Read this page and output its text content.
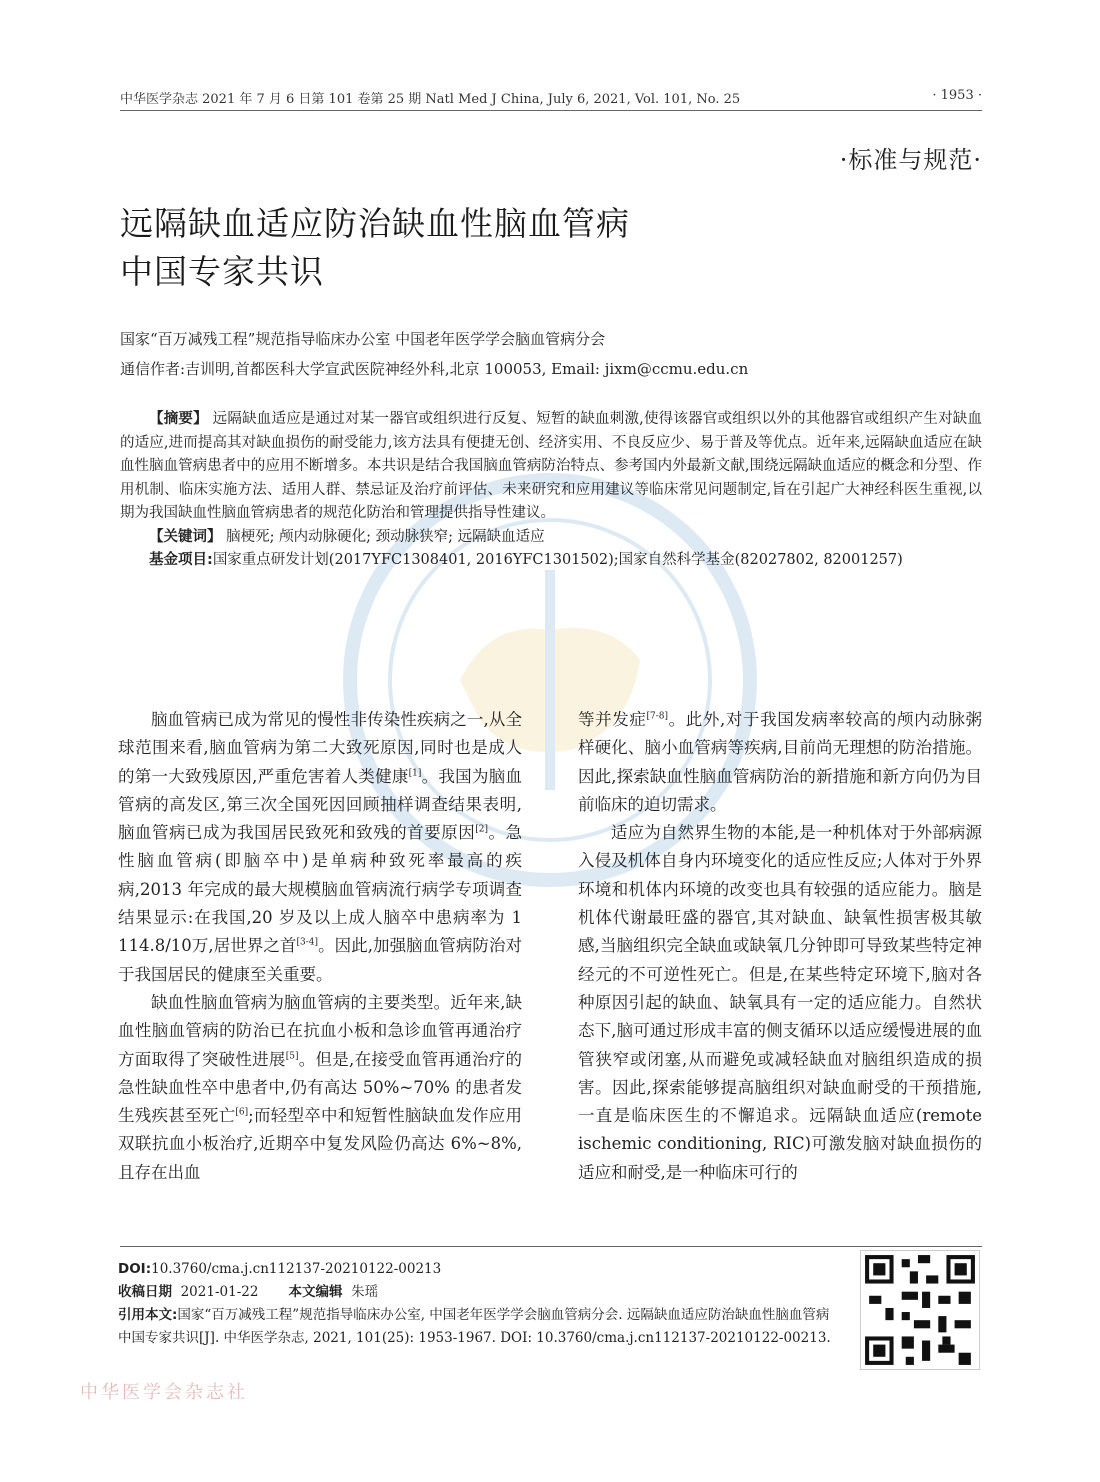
中华医学杂志 2021 年 7 月 6 日第 101 卷第 25 期 Natl Med J China, July 6, 2021, Vol. 101, No. 25	· 1953 ·
·标准与规范·
远隔缺血适应防治缺血性脑血管病
中国专家共识
国家“百万减残工程”规范指导临床办公室 中国老年医学学会脑血管病分会
通信作者:吉训明,首都医科大学宣武医院神经外科,北京 100053, Email: jixm@ccmu.edu.cn

【摘要】 远隔缺血适应是通过对某一器官或组织进行反复、短暂的缺血刺激,使得该器官或组织以外的其他器官或组织产生对缺血的适应,进而提高其对缺血损伤的耐受能力,该方法具有便捷无创、经济实用、不良反应少、易于普及等优点。近年来,远隔缺血适应在缺血性脑血管病患者中的应用不断增多。本共识是结合我国脑血管病防治特点、参考国内外最新文献,围绕远隔缺血适应的概念和分型、作用机制、临床实施方法、适用人群、禁忌证及治疗前评估、未来研究和应用建议等临床常见问题制定,旨在引起广大神经科医生重视,以期为我国缺血性脑血管病患者的规范化防治和管理提供指导性建议。

【关键词】 脑梗死; 颅内动脉硬化; 颈动脉狭窄; 远隔缺血适应

基金项目:国家重点研发计划(2017YFC1308401, 2016YFC1301502);国家自然科学基金(82027802, 82001257)

脑血管病已成为常见的慢性非传染性疾病之一,从全球范围来看,脑血管病为第二大致死原因,同时也是成人的第一大致残原因,严重危害着人类健康[1]。我国为脑血管病的高发区,第三次全国死因回顾抽样调查结果表明,脑血管病已成为我国居民致死和致残的首要原因[2]。急性脑血管病(即脑卒中)是单病种致死率最高的疾病,2013 年完成的最大规模脑血管病流行病学专项调查结果显示:在我国,20 岁及以上成人脑卒中患病率为 1 114.8/10万,居世界之首[3-4]。因此,加强脑血管病防治对于我国居民的健康至关重要。

缺血性脑血管病为脑血管病的主要类型。近年来,缺血性脑血管病的防治已在抗血小板和急诊血管再通治疗方面取得了突破性进展[5]。但是,在接受血管再通治疗的急性缺血性卒中患者中,仍有高达 50%~70% 的患者发生残疾甚至死亡[6];而轻型卒中和短暂性脑缺血发作应用双联抗血小板治疗,近期卒中复发风险仍高达 6%~8%,且存在出血

等并发症[7-8]。此外,对于我国发病率较高的颅内动脉粥样硬化、脑小血管病等疾病,目前尚无理想的防治措施。因此,探索缺血性脑血管病防治的新措施和新方向仍为目前临床的迫切需求。

适应为自然界生物的本能,是一种机体对于外部病源入侵及机体自身内环境变化的适应性反应;人体对于外界环境和机体内环境的改变也具有较强的适应能力。脑是机体代谢最旺盛的器官,其对缺血、缺氧性损害极其敏感,当脑组织完全缺血或缺氧几分钟即可导致某些特定神经元的不可逆性死亡。但是,在某些特定环境下,脑对各种原因引起的缺血、缺氧具有一定的适应能力。自然状态下,脑可通过形成丰富的侧支循环以适应缓慢进展的血管狭窄或闭塞,从而避免或减轻缺血对脑组织造成的损害。因此,探索能够提高脑组织对缺血耐受的干预措施,一直是临床医生的不懈追求。远隔缺血适应(remote ischemic conditioning, RIC)可激发脑对缺血损伤的适应和耐受,是一种临床可行的

DOI:10.3760/cma.j.cn112137-20210122-00213
收稿日期 2021-01-22 本文编辑 朱瑶
引用本文:国家“百万减残工程”规范指导临床办公室, 中国老年医学学会脑血管病分会. 远隔缺血适应防治缺血性脑血管病中国专家共识[J]. 中华医学杂志, 2021, 101(25): 1953-1967. DOI: 10.3760/cma.j.cn112137-20210122-00213.
中华医学会杂志社
